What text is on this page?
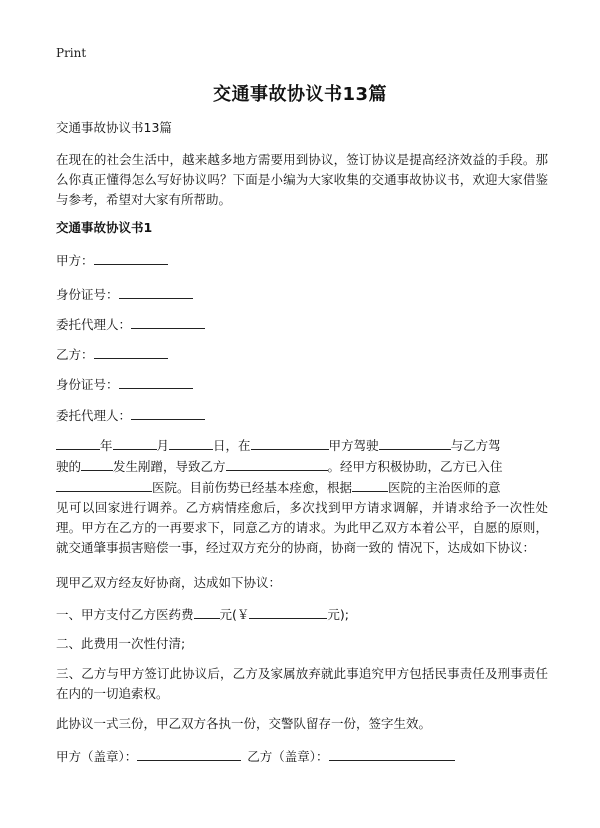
Print
交通事故协议书13篇
交通事故协议书13篇
在现在的社会生活中，越来越多地方需要用到协议，签订协议是提高经济效益的手段。那么你真正懂得怎么写好协议吗？下面是小编为大家收集的交通事故协议书，欢迎大家借鉴与参考，希望对大家有所帮助。
交通事故协议书1
甲方：
身份证号：
委托代理人：
乙方：
身份证号：
委托代理人：
年	月	日，在	甲方驾驶	与乙方驾
驶的	发生剐蹭，导致乙方	。经甲方积极协助，乙方已入住
医院。目前伤势已经基本痊愈，根据	医院的主治医师的意
见可以回家进行调养。乙方病情痊愈后，多次找到甲方请求调解，并请求给予一次性处理。甲方在乙方的一再要求下，同意乙方的请求。为此甲乙双方本着公平，自愿的原则，就交通肇事损害赔偿一事，经过双方充分的协商，协商一致的 情况下，达成如下协议：
现甲乙双方经友好协商，达成如下协议：
一、甲方支付乙方医药费 元(￥	元);
二、此费用一次性付清;
三、乙方与甲方签订此协议后，乙方及家属放弃就此事追究甲方包括民事责任及刑事责任在内的一切追索权。
此协议一式三份，甲乙双方各执一份，交警队留存一份，签字生效。
甲方（盖章）：	乙方（盖章）：
